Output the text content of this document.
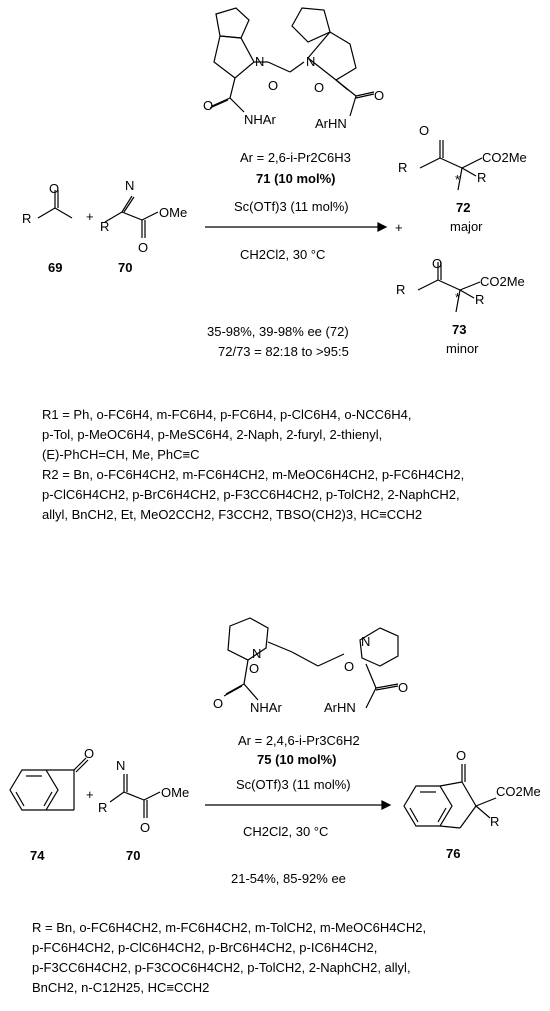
N	N
O	O
O
O
NHAr	ArHN
Ar = 2,6-i-Pr2C6H3
71 (10 mol%)
Sc(OTf)3 (11 mol%)
CH2Cl2, 30 °C
R
O
69
+
N
R
OMe
O
70
O
R
CO2Me
R
*
72
major
+
O
R
CO2Me
R
*
73
minor
35-98%, 39-98% ee (72)
72/73 = 82:18 to >95:5
N
N
O	O
O
O
NHAr	ArHN
Ar = 2,4,6-i-Pr3C6H2
75 (10 mol%)
Sc(OTf)3 (11 mol%)
CH2Cl2, 30 °C
21-54%, 85-92% ee
O
74
+
N
R
OMe
O
70
O
CO2Me
R
76
R1 = Ph, o-FC6H4, m-FC6H4, p-FC6H4, p-ClC6H4, o-NCC6H4,
p-Tol, p-MeOC6H4, p-MeSC6H4, 2-Naph, 2-furyl, 2-thienyl,
(E)-PhCH=CH, Me, PhC≡C
R2 = Bn, o-FC6H4CH2, m-FC6H4CH2, m-MeOC6H4CH2, p-FC6H4CH2,
p-ClC6H4CH2, p-BrC6H4CH2, p-F3CC6H4CH2, p-TolCH2, 2-NaphCH2,
allyl, BnCH2, Et, MeO2CCH2, F3CCH2, TBSO(CH2)3, HC≡CCH2
R = Bn, o-FC6H4CH2, m-FC6H4CH2, m-TolCH2, m-MeOC6H4CH2,
p-FC6H4CH2, p-ClC6H4CH2, p-BrC6H4CH2, p-IC6H4CH2,
p-F3CC6H4CH2, p-F3COC6H4CH2, p-TolCH2, 2-NaphCH2, allyl,
BnCH2, n-C12H25, HC≡CCH2
